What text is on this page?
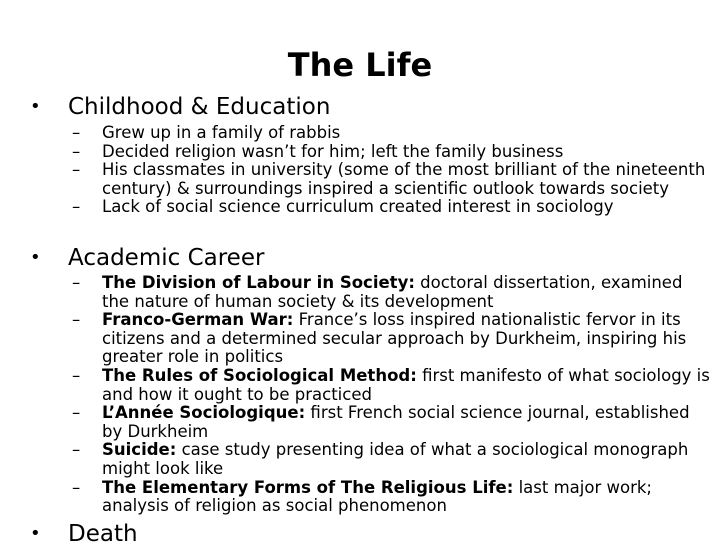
The Life
• Childhood & Education
–	Grew up in a family of rabbis
–	Decided religion wasn’t for him; left the family business
–	His classmates in university (some of the most brilliant of the nineteenth century) & surroundings inspired a scientific outlook towards society
–	Lack of social science curriculum created interest in sociology
• Academic Career
–	The Division of Labour in Society: doctoral dissertation, examined the nature of human society & its development
–	Franco-German War: France’s loss inspired nationalistic fervor in its citizens and a determined secular approach by Durkheim, inspiring his greater role in politics
–	The Rules of Sociological Method: first manifesto of what sociology is and how it ought to be practiced
–	L’Année Sociologique: first French social science journal, established by Durkheim
–	Suicide: case study presenting idea of what a sociological monograph might look like
–	The Elementary Forms of The Religious Life: last major work; analysis of religion as social phenomenon
• Death
